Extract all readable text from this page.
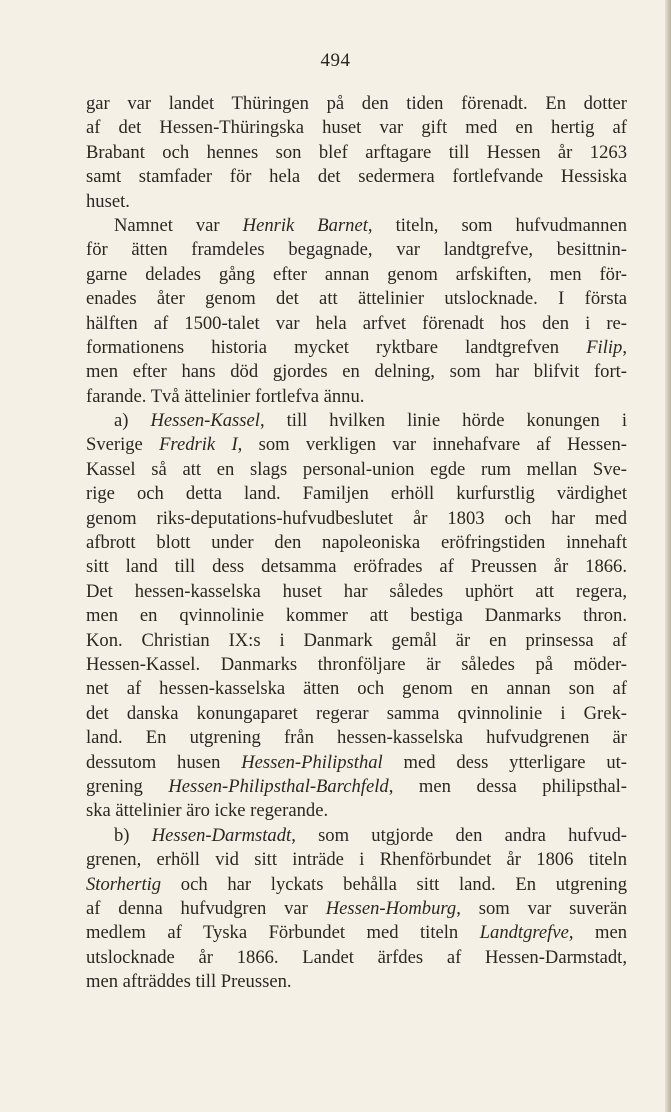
494
gar var landet Thüringen på den tiden förenadt. En dotter
af det Hessen-Thüringska huset var gift med en hertig af
Brabant och hennes son blef arftagare till Hessen år 1263
samt stamfader för hela det sedermera fortlefvande Hessiska
huset.
Namnet var Henrik Barnet, titeln, som hufvudmannen
för ätten framdeles begagnade, var landtgrefve, besittnin-
garne delades gång efter annan genom arfskiften, men för-
enades åter genom det att ättelinier utslocknade. I första
hälften af 1500-talet var hela arfvet förenadt hos den i re-
formationens historia mycket ryktbare landtgrefven Filip,
men efter hans död gjordes en delning, som har blifvit fort-
farande. Två ättelinier fortlefva ännu.
a) Hessen-Kassel, till hvilken linie hörde konungen i
Sverige Fredrik I, som verkligen var innehafvare af Hessen-
Kassel så att en slags personal-union egde rum mellan Sve-
rige och detta land. Familjen erhöll kurfurstlig värdighet
genom riks-deputations-hufvudbeslutet år 1803 och har med
afbrott blott under den napoleoniska eröfringstiden innehaft
sitt land till dess detsamma eröfrades af Preussen år 1866.
Det hessen-kasselska huset har således uphört att regera,
men en qvinnolinie kommer att bestiga Danmarks thron.
Kon. Christian IX:s i Danmark gemål är en prinsessa af
Hessen-Kassel. Danmarks thronföljare är således på möder-
net af hessen-kasselska ätten och genom en annan son af
det danska konungaparet regerar samma qvinnolinie i Grek-
land. En utgrening från hessen-kasselska hufvudgrenen är
dessutom husen Hessen-Philipsthal med dess ytterligare ut-
grening Hessen-Philipsthal-Barchfeld, men dessa philipsthal-
ska ättelinier äro icke regerande.
b) Hessen-Darmstadt, som utgjorde den andra hufvud-
grenen, erhöll vid sitt inträde i Rhenförbundet år 1806 titeln
Storhertig och har lyckats behålla sitt land. En utgrening
af denna hufvudgren var Hessen-Homburg, som var suverän
medlem af Tyska Förbundet med titeln Landtgrefve, men
utslocknade år 1866. Landet ärfdes af Hessen-Darmstadt,
men afträddes till Preussen.
